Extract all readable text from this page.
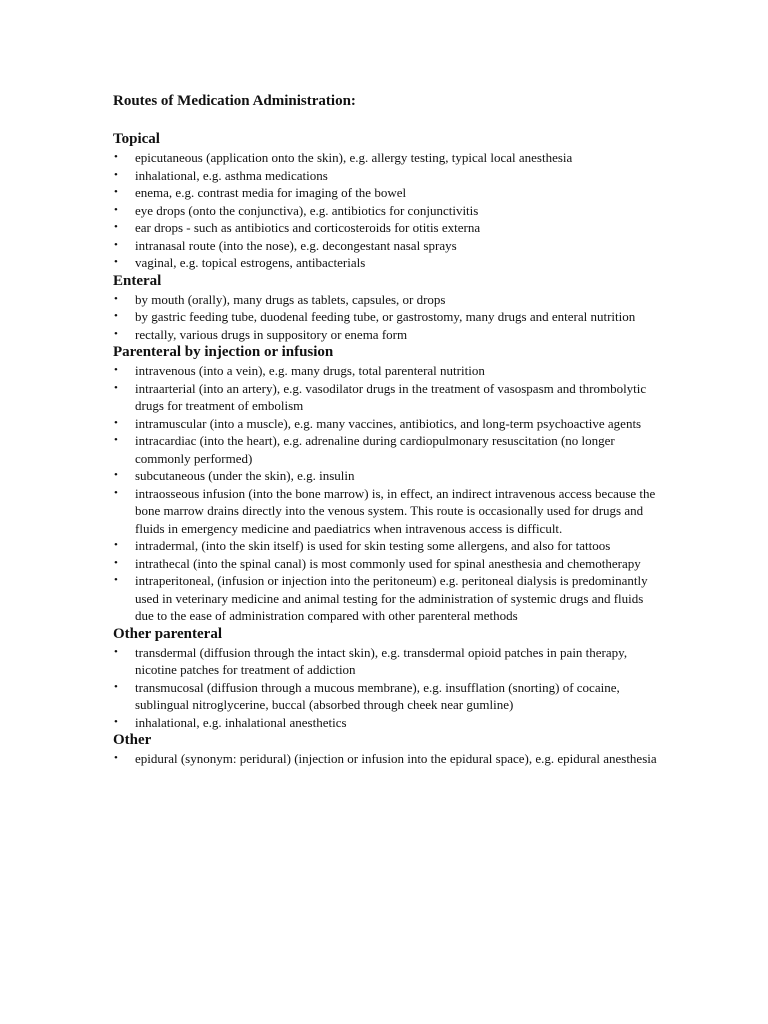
Routes of Medication Administration:
Topical
• epicutaneous (application onto the skin), e.g. allergy testing, typical local anesthesia
• inhalational, e.g. asthma medications
• enema, e.g. contrast media for imaging of the bowel
• eye drops (onto the conjunctiva), e.g. antibiotics for conjunctivitis
• ear drops - such as antibiotics and corticosteroids for otitis externa
• intranasal route (into the nose), e.g. decongestant nasal sprays
• vaginal, e.g. topical estrogens, antibacterials
Enteral
• by mouth (orally), many drugs as tablets, capsules, or drops
• by gastric feeding tube, duodenal feeding tube, or gastrostomy, many drugs and enteral nutrition
• rectally, various drugs in suppository or enema form
Parenteral by injection or infusion
• intravenous (into a vein), e.g. many drugs, total parenteral nutrition
• intraarterial (into an artery), e.g. vasodilator drugs in the treatment of vasospasm and thrombolytic drugs for treatment of embolism
• intramuscular (into a muscle), e.g. many vaccines, antibiotics, and long-term psychoactive agents
• intracardiac (into the heart), e.g. adrenaline during cardiopulmonary resuscitation (no longer commonly performed)
• subcutaneous (under the skin), e.g. insulin
• intraosseous infusion (into the bone marrow) is, in effect, an indirect intravenous access because the bone marrow drains directly into the venous system. This route is occasionally used for drugs and fluids in emergency medicine and paediatrics when intravenous access is difficult.
• intradermal, (into the skin itself) is used for skin testing some allergens, and also for tattoos
• intrathecal (into the spinal canal) is most commonly used for spinal anesthesia and chemotherapy
• intraperitoneal, (infusion or injection into the peritoneum) e.g. peritoneal dialysis is predominantly used in veterinary medicine and animal testing for the administration of systemic drugs and fluids due to the ease of administration compared with other parenteral methods
Other parenteral
• transdermal (diffusion through the intact skin), e.g. transdermal opioid patches in pain therapy, nicotine patches for treatment of addiction
• transmucosal (diffusion through a mucous membrane), e.g. insufflation (snorting) of cocaine, sublingual nitroglycerine, buccal (absorbed through cheek near gumline)
• inhalational, e.g. inhalational anesthetics
Other
• epidural (synonym: peridural) (injection or infusion into the epidural space), e.g. epidural anesthesia
